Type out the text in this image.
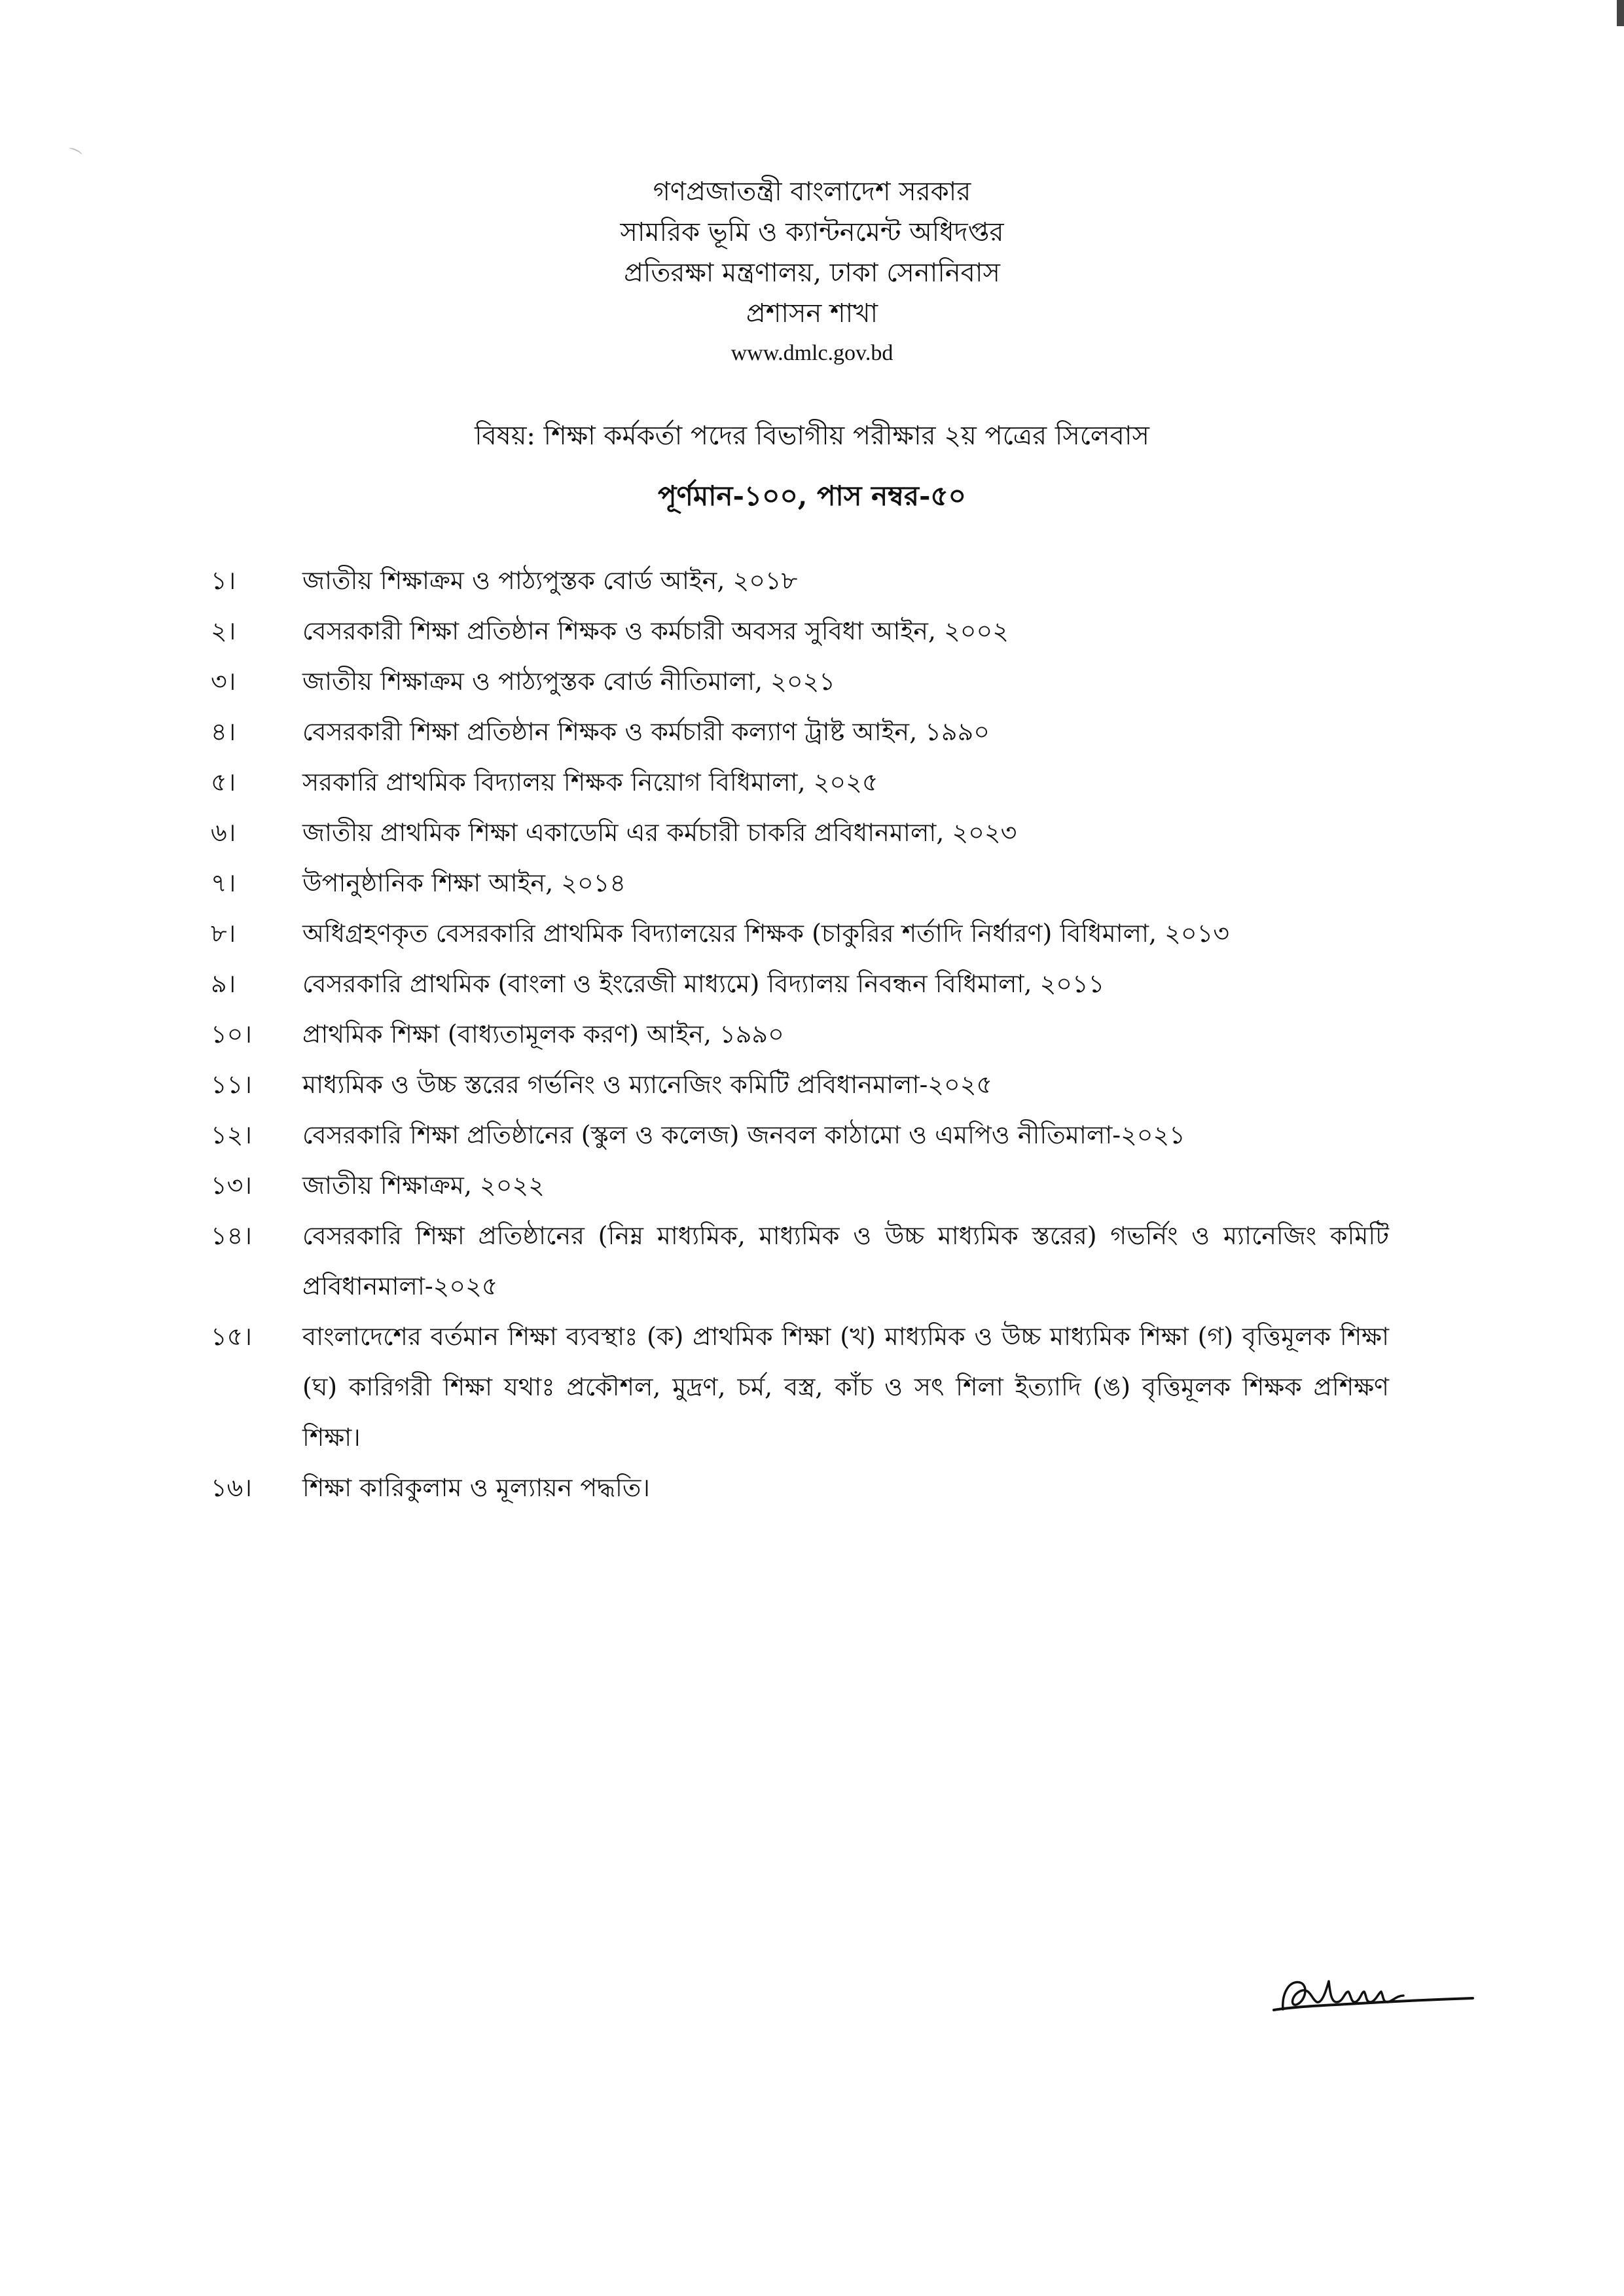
গণপ্রজাতন্ত্রী বাংলাদেশ সরকার
সামরিক ভূমি ও ক্যান্টনমেন্ট অধিদপ্তর
প্রতিরক্ষা মন্ত্রণালয়, ঢাকা সেনানিবাস
প্রশাসন শাখা
www.dmlc.gov.bd
বিষয়: শিক্ষা কর্মকর্তা পদের বিভাগীয় পরীক্ষার ২য় পত্রের সিলেবাস
পূর্ণমান-১০০, পাস নম্বর-৫০
১।	জাতীয় শিক্ষাক্রম ও পাঠ্যপুস্তক বোর্ড আইন, ২০১৮
২।	বেসরকারী শিক্ষা প্রতিষ্ঠান শিক্ষক ও কর্মচারী অবসর সুবিধা আইন, ২০০২
৩।	জাতীয় শিক্ষাক্রম ও পাঠ্যপুস্তক বোর্ড নীতিমালা, ২০২১
৪।	বেসরকারী শিক্ষা প্রতিষ্ঠান শিক্ষক ও কর্মচারী কল্যাণ ট্রাষ্ট আইন, ১৯৯০
৫।	সরকারি প্রাথমিক বিদ্যালয় শিক্ষক নিয়োগ বিধিমালা, ২০২৫
৬।	জাতীয় প্রাথমিক শিক্ষা একাডেমি এর কর্মচারী চাকরি প্রবিধানমালা, ২০২৩
৭।	উপানুষ্ঠানিক শিক্ষা আইন, ২০১৪
৮।	অধিগ্রহণকৃত বেসরকারি প্রাথমিক বিদ্যালয়ের শিক্ষক (চাকুরির শর্তাদি নির্ধারণ) বিধিমালা, ২০১৩
৯।	বেসরকারি প্রাথমিক (বাংলা ও ইংরেজী মাধ্যমে) বিদ্যালয় নিবন্ধন বিধিমালা, ২০১১
১০।	প্রাথমিক শিক্ষা (বাধ্যতামূলক করণ) আইন, ১৯৯০
১১।	মাধ্যমিক ও উচ্চ স্তরের গর্ভনিং ও ম্যানেজিং কমিটি প্রবিধানমালা-২০২৫
১২।	বেসরকারি শিক্ষা প্রতিষ্ঠানের (স্কুল ও কলেজ) জনবল কাঠামো ও এমপিও নীতিমালা-২০২১
১৩।	জাতীয় শিক্ষাক্রম, ২০২২
১৪।	বেসরকারি শিক্ষা প্রতিষ্ঠানের (নিম্ন মাধ্যমিক, মাধ্যমিক ও উচ্চ মাধ্যমিক স্তরের) গভর্নিং ও ম্যানেজিং কমিটি প্রবিধানমালা-২০২৫
১৫।	বাংলাদেশের বর্তমান শিক্ষা ব্যবস্থাঃ (ক) প্রাথমিক শিক্ষা (খ) মাধ্যমিক ও উচ্চ মাধ্যমিক শিক্ষা (গ) বৃত্তিমূলক শিক্ষা (ঘ) কারিগরী শিক্ষা যথাঃ প্রকৌশল, মুদ্রণ, চর্ম, বস্ত্র, কাঁচ ও সৎ শিলা ইত্যাদি (ঙ) বৃত্তিমূলক শিক্ষক প্রশিক্ষণ শিক্ষা।
১৬।	শিক্ষা কারিকুলাম ও মূল্যায়ন পদ্ধতি।
